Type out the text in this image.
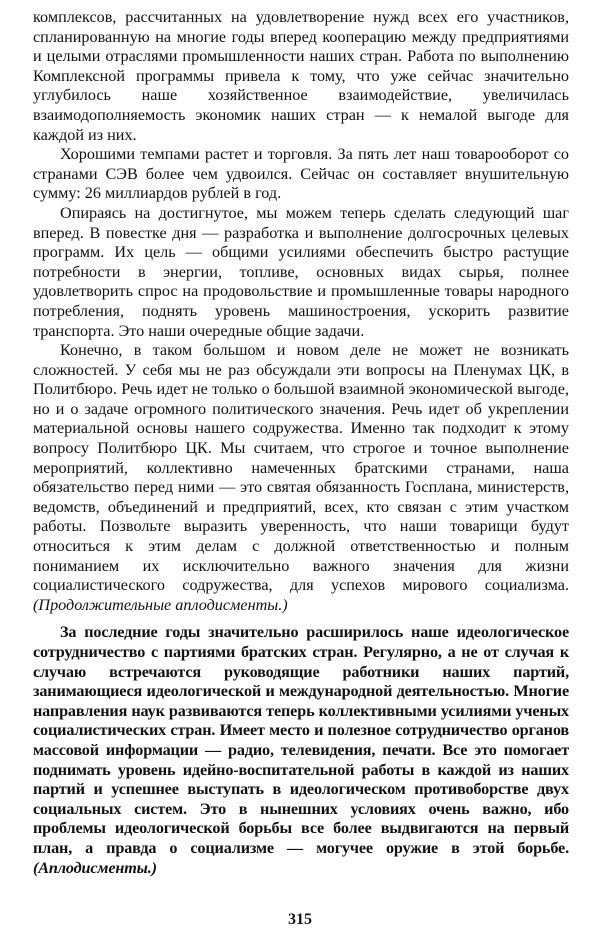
комплексов, рассчитанных на удовлетворение нужд всех его участников, спланированную на многие годы вперед кооперацию между предприятиями и целыми отраслями промышленности наших стран. Работа по выполнению Комплексной программы привела к тому, что уже сейчас значительно углубилось наше хозяйственное взаимодействие, увеличилась взаимодополняемость экономик наших стран — к немалой выгоде для каждой из них.

Хорошими темпами растет и торговля. За пять лет наш товарооборот со странами СЭВ более чем удвоился. Сейчас он составляет внушительную сумму: 26 миллиардов рублей в год.

Опираясь на достигнутое, мы можем теперь сделать следующий шаг вперед. В повестке дня — разработка и выполнение долгосрочных целевых программ. Их цель — общими усилиями обеспечить быстро растущие потребности в энергии, топливе, основных видах сырья, полнее удовлетворить спрос на продовольствие и промышленные товары народного потребления, поднять уровень машиностроения, ускорить развитие транспорта. Это наши очередные общие задачи.

Конечно, в таком большом и новом деле не может не возникать сложностей. У себя мы не раз обсуждали эти вопросы на Пленумах ЦК, в Политбюро. Речь идет не только о большой взаимной экономической выгоде, но и о задаче огромного политического значения. Речь идет об укреплении материальной основы нашего содружества. Именно так подходит к этому вопросу Политбюро ЦК. Мы считаем, что строгое и точное выполнение мероприятий, коллективно намеченных братскими странами, наша обязательство перед ними — это святая обязанность Госплана, министерств, ведомств, объединений и предприятий, всех, кто связан с этим участком работы. Позвольте выразить уверенность, что наши товарищи будут относиться к этим делам с должной ответственностью и полным пониманием их исключительно важного значения для жизни социалистического содружества, для успехов мирового социализма. (Продолжительные аплодисменты.)

За последние годы значительно расширилось наше идеологическое сотрудничество с партиями братских стран. Регулярно, а не от случая к случаю встречаются руководящие работники наших партий, занимающиеся идеологической и международной деятельностью. Многие направления наук развиваются теперь коллективными усилиями ученых социалистических стран. Имеет место и полезное сотрудничество органов массовой информации — радио, телевидения, печати. Все это помогает поднимать уровень идейно-воспитательной работы в каждой из наших партий и успешнее выступать в идеологическом противоборстве двух социальных систем. Это в нынешних условиях очень важно, ибо проблемы идеологической борьбы все более выдвигаются на первый план, а правда о социализме — могучее оружие в этой борьбе. (Аплодисменты.)

315
